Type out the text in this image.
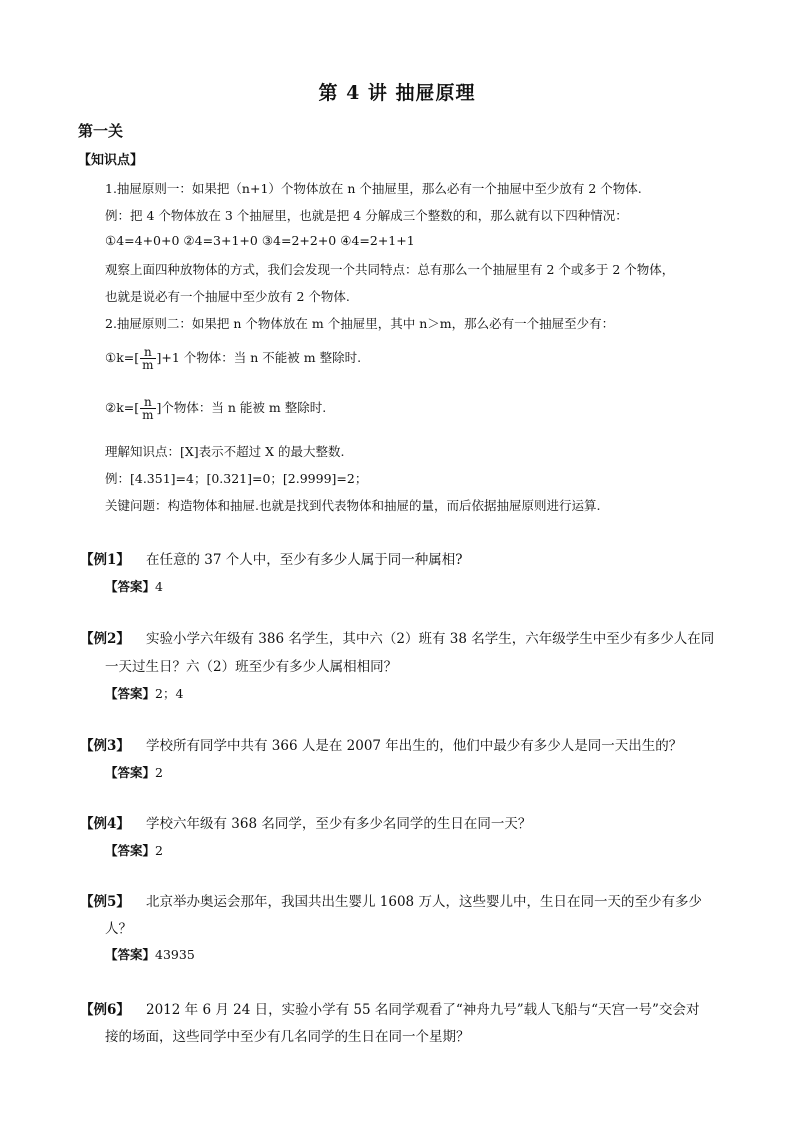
第 4 讲 抽屉原理
第一关
【知识点】
1.抽屉原则一：如果把（n+1）个物体放在 n 个抽屉里，那么必有一个抽屉中至少放有 2 个物体.
例：把 4 个物体放在 3 个抽屉里，也就是把 4 分解成三个整数的和，那么就有以下四种情况：
①4=4+0+0 ②4=3+1+0 ③4=2+2+0 ④4=2+1+1
观察上面四种放物体的方式，我们会发现一个共同特点：总有那么一个抽屉里有 2 个或多于 2 个物体，
也就是说必有一个抽屉中至少放有 2 个物体.
2.抽屉原则二：如果把 n 个物体放在 m 个抽屉里，其中 n＞m，那么必有一个抽屉至少有：
①k=[ $\frac{n}{m} ]+1$ 个物体：当 n 不能被 m 整除时.
②k=[ $\frac{n}{m}$ ]个物体：当 n 能被 m 整除时.
理解知识点：[X]表示不超过 X 的最大整数.
例：[4.351]=4；[0.321]=0；[2.9999]=2；
关键问题：构造物体和抽屉.也就是找到代表物体和抽屉的量，而后依据抽屉原则进行运算.
【例1】 在任意的 37 个人中，至少有多少人属于同一种属相?
【答案】4
【例2】 实验小学六年级有 386 名学生，其中六（2）班有 38 名学生，六年级学生中至少有多少人在同
一天过生日？六（2）班至少有多少人属相相同？
【答案】2；4
【例3】 学校所有同学中共有 366 人是在 2007 年出生的，他们中最少有多少人是同一天出生的？
【答案】2
【例4】 学校六年级有 368 名同学，至少有多少名同学的生日在同一天？
【答案】2
【例5】 北京举办奥运会那年，我国共出生婴儿 1608 万人，这些婴儿中，生日在同一天的至少有多少
人？
【答案】43935
【例6】 2012 年 6 月 24 日，实验小学有 55 名同学观看了“神舟九号”载人飞船与“天宫一号”交会对
接的场面，这些同学中至少有几名同学的生日在同一个星期？
